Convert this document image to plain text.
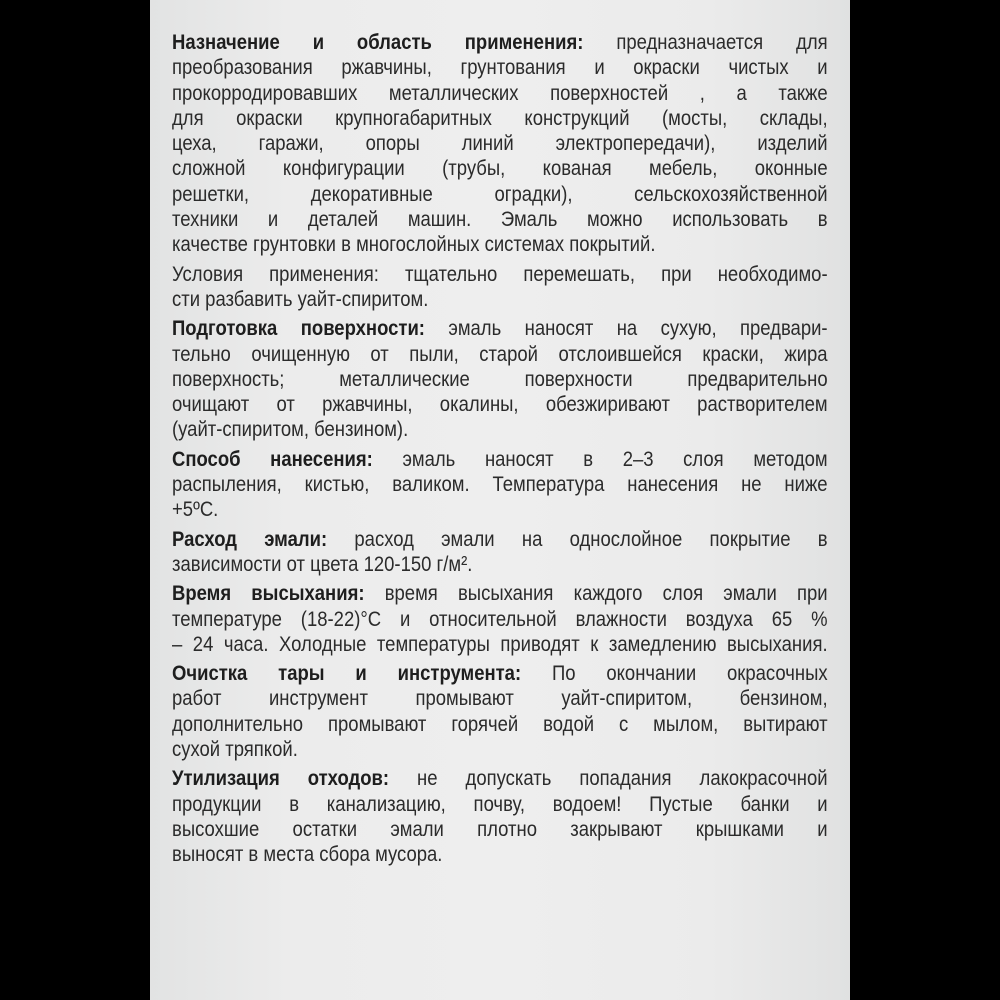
Назначение и область применения: предназначается для
преобразования ржавчины, грунтования и окраски чистых и
прокорродировавших металлических поверхностей , а также
для окраски крупногабаритных конструкций (мосты, склады,
цеха, гаражи, опоры линий электропередачи), изделий
сложной конфигурации (трубы, кованая мебель, оконные
решетки, декоративные оградки), сельскохозяйственной
техники и деталей машин. Эмаль можно использовать в
качестве грунтовки в многослойных системах покрытий.
Условия применения: тщательно перемешать, при необходимо-
сти разбавить уайт-спиритом.
Подготовка поверхности: эмаль наносят на сухую, предвари-
тельно очищенную от пыли, старой отслоившейся краски, жира
поверхность; металлические поверхности предварительно
очищают от ржавчины, окалины, обезжиривают растворителем
(уайт-спиритом, бензином).
Способ нанесения: эмаль наносят в 2–3 слоя методом
распыления, кистью, валиком. Температура нанесения не ниже
+5ºС.
Расход эмали: расход эмали на однослойное покрытие в
зависимости от цвета 120-150 г/м².
Время высыхания: время высыхания каждого слоя эмали при
температуре (18-22)°С и относительной влажности воздуха 65 %
– 24 часа. Холодные температуры приводят к замедлению высыхания.
Очистка тары и инструмента: По окончании окрасочных
работ инструмент промывают уайт-спиритом, бензином,
дополнительно промывают горячей водой с мылом, вытирают
сухой тряпкой.
Утилизация отходов: не допускать попадания лакокрасочной
продукции в канализацию, почву, водоем! Пустые банки и
высохшие остатки эмали плотно закрывают крышками и
выносят в места сбора мусора.
